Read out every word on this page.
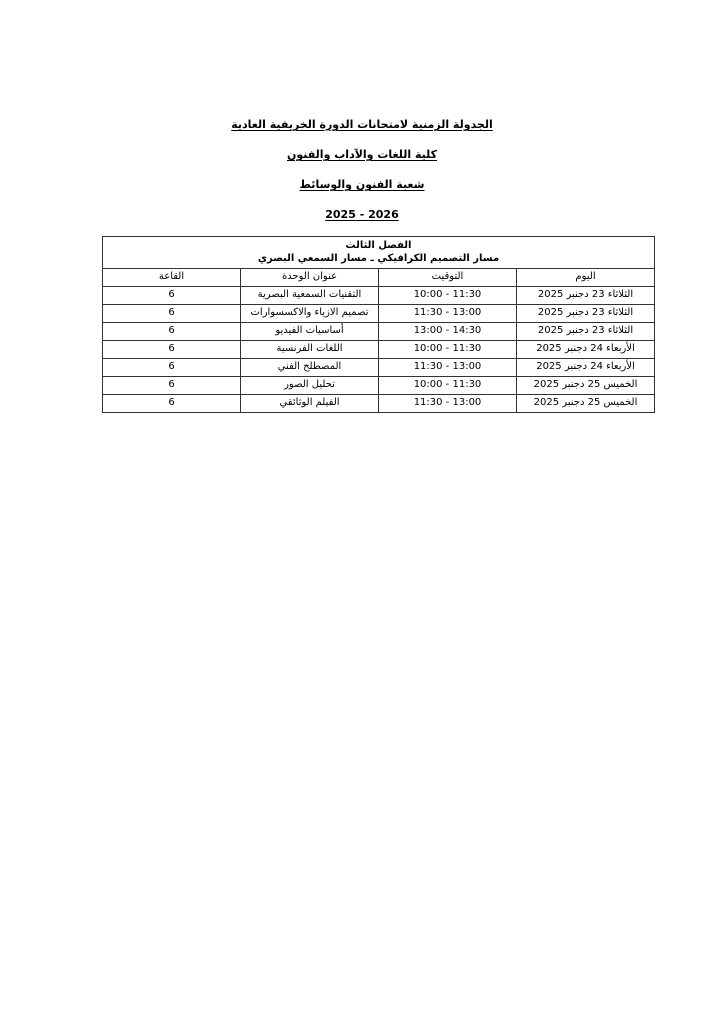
الجدولة الزمنية لامتحانات الدورة الخريفية العادية
كلية اللغات والآداب والفنون
شعبة الفنون والوسائط
2026 - 2025
الفصل الثالث
مسار التصميم الكرافيكي ـ مسار السمعي البصري			

اليوم	التوقيت	عنوان الوحدة	القاعة
الثلاثاء 23 دجنبر 2025	10:00 - 11:30	التقنيات السمعية البصرية	6
الثلاثاء 23 دجنبر 2025	11:30 - 13:00	تصميم الازياء والاكسسوارات	6
الثلاثاء 23 دجنبر 2025	13:00 - 14:30	أساسيات الفيديو	6
الأربعاء 24 دجنبر 2025	10:00 - 11:30	اللغات الفرنسية	6
الأربعاء 24 دجنبر 2025	11:30 - 13:00	المصطلح الفني	6
الخميس 25 دجنبر 2025	10:00 - 11:30	تحليل الصور	6
الخميس 25 دجنبر 2025	11:30 - 13:00	الفيلم الوثائقي	6
